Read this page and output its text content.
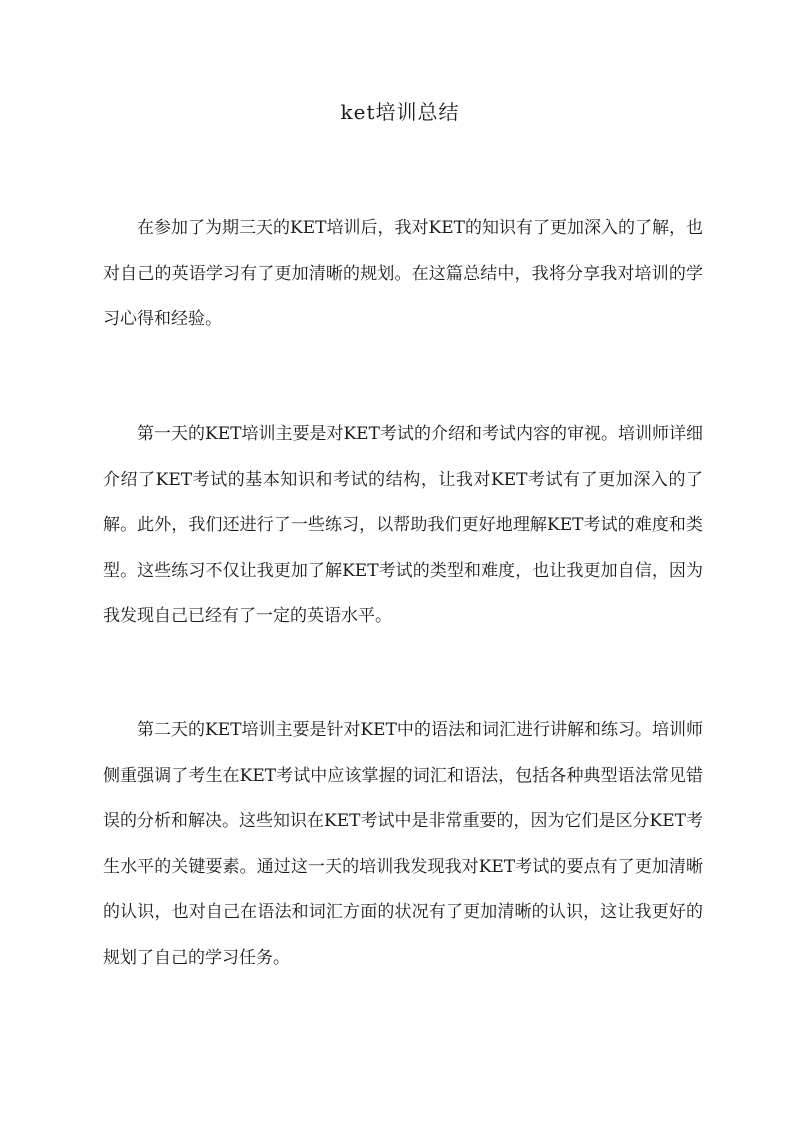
ket培训总结

在参加了为期三天的KET培训后，我对KET的知识有了更加深入的了解，也对自己的英语学习有了更加清晰的规划。在这篇总结中，我将分享我对培训的学习心得和经验。

第一天的KET培训主要是对KET考试的介绍和考试内容的审视。培训师详细介绍了KET考试的基本知识和考试的结构，让我对KET考试有了更加深入的了解。此外，我们还进行了一些练习，以帮助我们更好地理解KET考试的难度和类型。这些练习不仅让我更加了解KET考试的类型和难度，也让我更加自信，因为我发现自己已经有了一定的英语水平。

第二天的KET培训主要是针对KET中的语法和词汇进行讲解和练习。培训师侧重强调了考生在KET考试中应该掌握的词汇和语法，包括各种典型语法常见错误的分析和解决。这些知识在KET考试中是非常重要的，因为它们是区分KET考生水平的关键要素。通过这一天的培训我发现我对KET考试的要点有了更加清晰的认识，也对自己在语法和词汇方面的状况有了更加清晰的认识，这让我更好的规划了自己的学习任务。
